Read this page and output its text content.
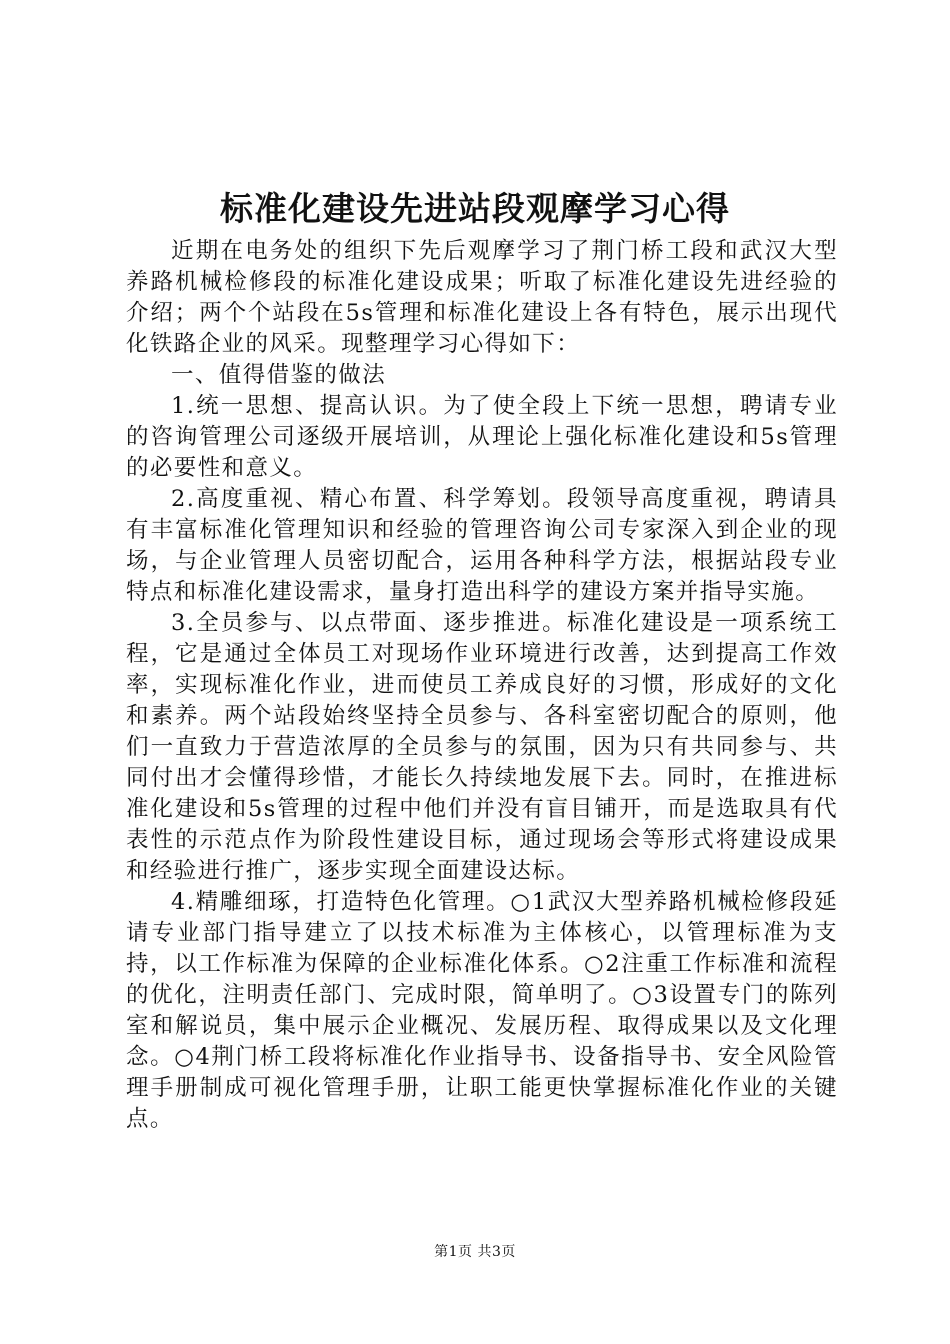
标准化建设先进站段观摩学习心得

近期在电务处的组织下先后观摩学习了荆门桥工段和武汉大型养路机械检修段的标准化建设成果；听取了标准化建设先进经验的介绍；两个个站段在5s管理和标准化建设上各有特色，展示出现代化铁路企业的风采。现整理学习心得如下：

一、值得借鉴的做法

1.统一思想、提高认识。为了使全段上下统一思想，聘请专业的咨询管理公司逐级开展培训，从理论上强化标准化建设和5s管理的必要性和意义。

2.高度重视、精心布置、科学筹划。段领导高度重视，聘请具有丰富标准化管理知识和经验的管理咨询公司专家深入到企业的现场，与企业管理人员密切配合，运用各种科学方法，根据站段专业特点和标准化建设需求，量身打造出科学的建设方案并指导实施。

3.全员参与、以点带面、逐步推进。标准化建设是一项系统工程，它是通过全体员工对现场作业环境进行改善，达到提高工作效率，实现标准化作业，进而使员工养成良好的习惯，形成好的文化和素养。两个站段始终坚持全员参与、各科室密切配合的原则，他们一直致力于营造浓厚的全员参与的氛围，因为只有共同参与、共同付出才会懂得珍惜，才能长久持续地发展下去。同时，在推进标准化建设和5s管理的过程中他们并没有盲目铺开，而是选取具有代表性的示范点作为阶段性建设目标，通过现场会等形式将建设成果和经验进行推广，逐步实现全面建设达标。

4.精雕细琢，打造特色化管理。○1武汉大型养路机械检修段延请专业部门指导建立了以技术标准为主体核心，以管理标准为支持，以工作标准为保障的企业标准化体系。○2注重工作标准和流程的优化，注明责任部门、完成时限，简单明了。○3设置专门的陈列室和解说员，集中展示企业概况、发展历程、取得成果以及文化理念。○4荆门桥工段将标准化作业指导书、设备指导书、安全风险管理手册制成可视化管理手册，让职工能更快掌握标准化作业的关键点。

第1页 共3页
